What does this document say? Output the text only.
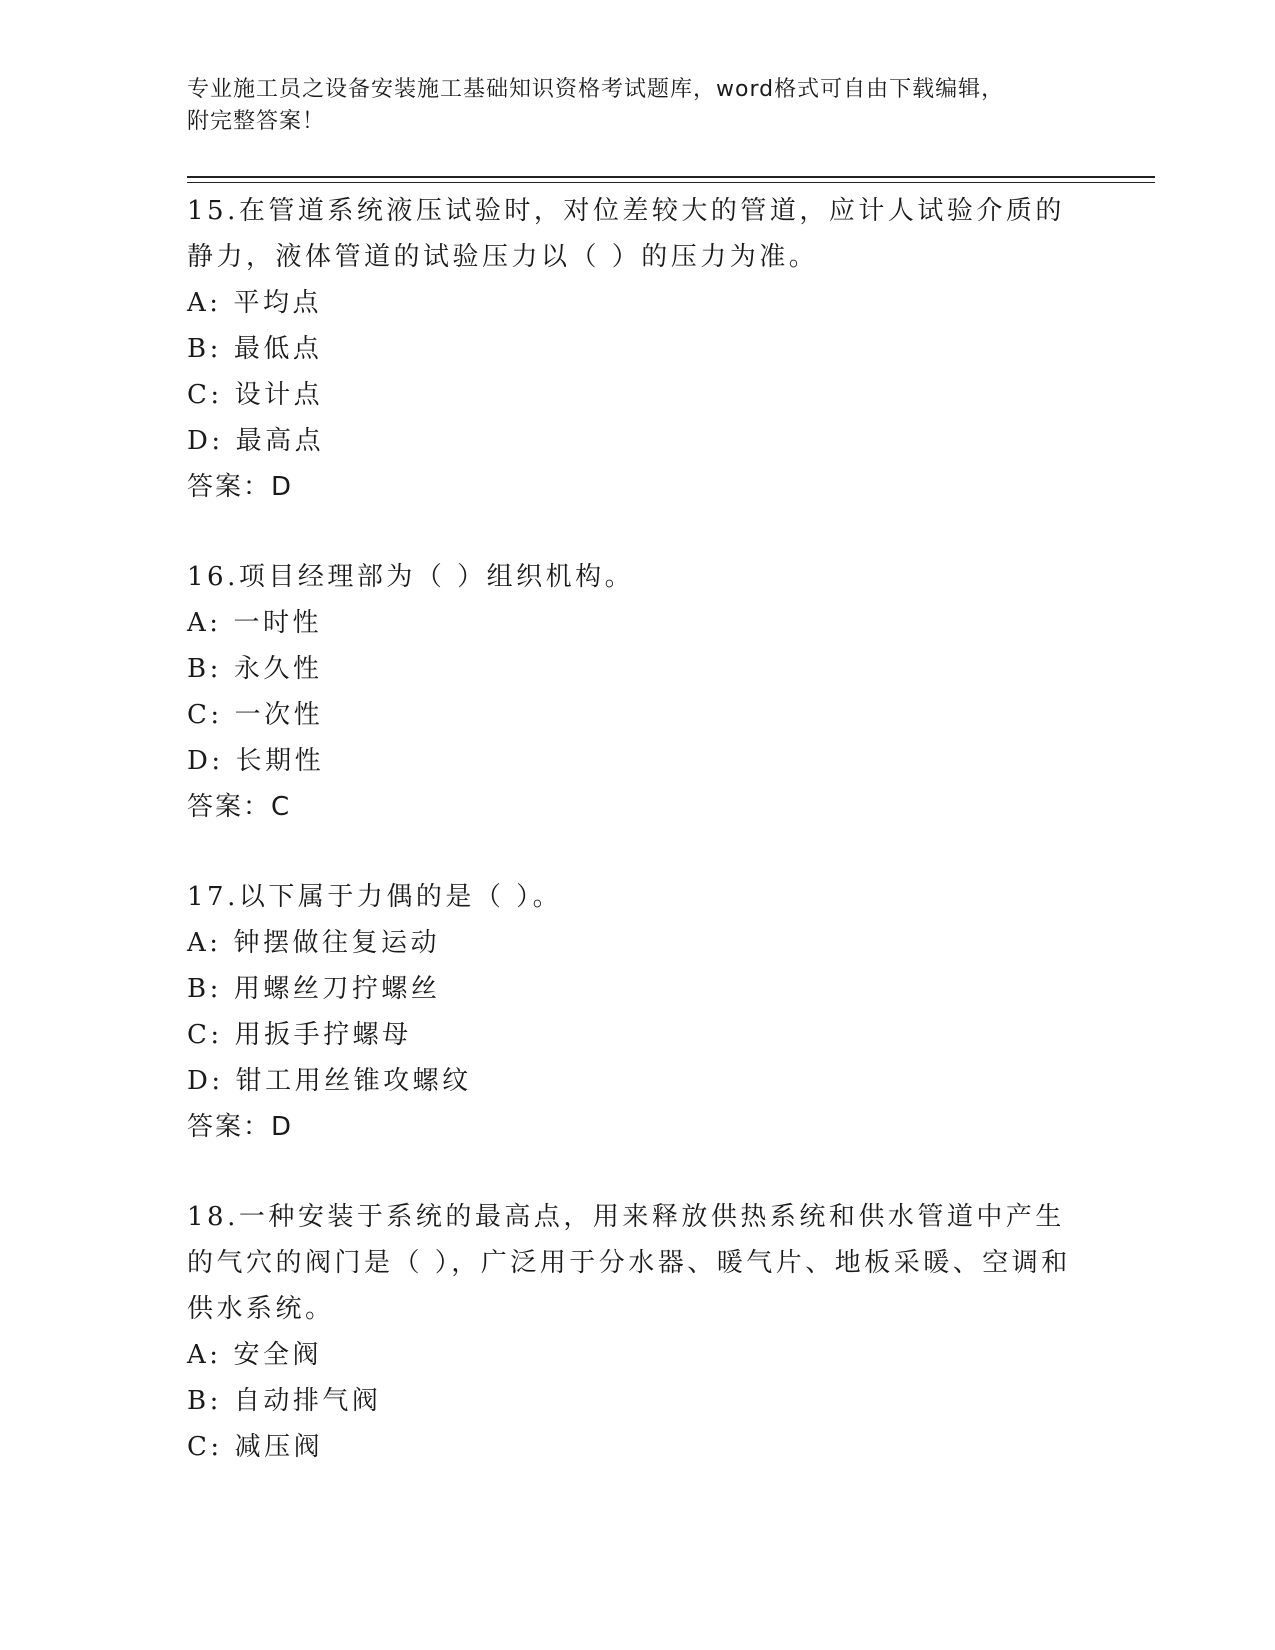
专业施工员之设备安装施工基础知识资格考试题库，word格式可自由下载编辑，
附完整答案！
15.在管道系统液压试验时，对位差较大的管道，应计人试验介质的静力，液体管道的试验压力以（ ）的压力为准。
A: 平均点
B: 最低点
C: 设计点
D: 最高点
答案：D
16.项目经理部为（ ）组织机构。
A: 一时性
B: 永久性
C: 一次性
D: 长期性
答案：C
17.以下属于力偶的是（ ）。
A: 钟摆做往复运动
B: 用螺丝刀拧螺丝
C: 用扳手拧螺母
D: 钳工用丝锥攻螺纹
答案：D
18.一种安装于系统的最高点，用来释放供热系统和供水管道中产生的气穴的阀门是（ ），广泛用于分水器、暖气片、地板采暖、空调和供水系统。
A: 安全阀
B: 自动排气阀
C: 减压阀
